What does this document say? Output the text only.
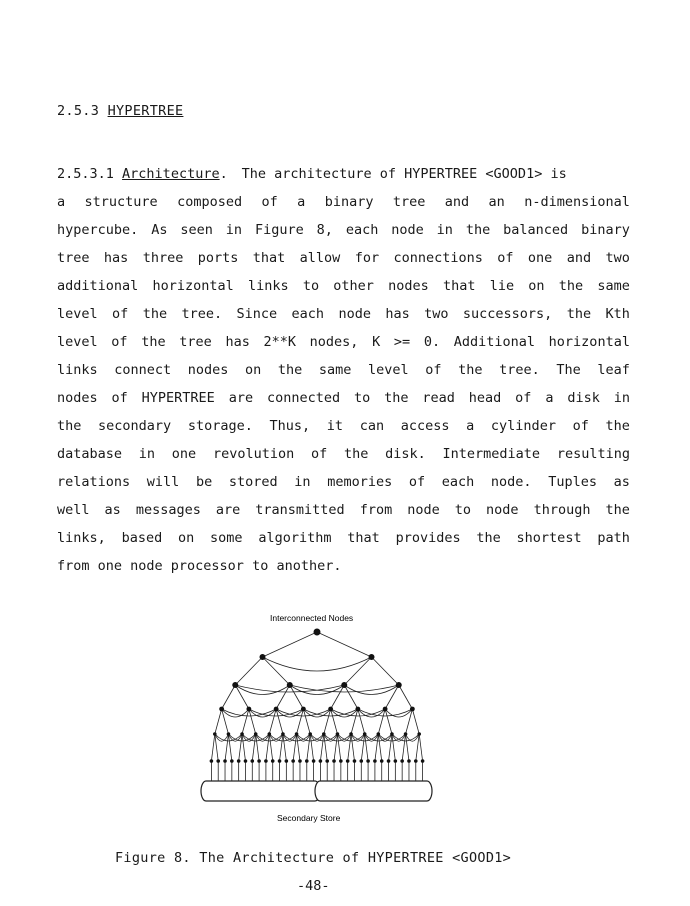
2.5.3 HYPERTREE
2.5.3.1
Architecture .	The architecture of HYPERTREE <GOOD1> is
a structure composed of a binary tree and an n-dimensional
hypercube. As seen in Figure 8, each node in the balanced binary
tree has three ports that allow for connections of one and two
additional horizontal links to other nodes that lie on the same
level of the tree. Since each node has two successors, the Kth
level of the tree has 2**K nodes, K >= 0. Additional horizontal
links connect nodes on the same level of the tree. The leaf
nodes of HYPERTREE are connected to the read head of a disk in
the secondary storage. Thus, it can access a cylinder of the
database in one revolution of the disk. Intermediate resulting
relations will be stored in memories of each node. Tuples as
well as messages are transmitted from node to node through the
links, based on some algorithm that provides the shortest path
from one node processor to another.
Interconnected Nodes
Secondary Store
Figure 8. The Architecture of HYPERTREE <GOOD1>
-48-
